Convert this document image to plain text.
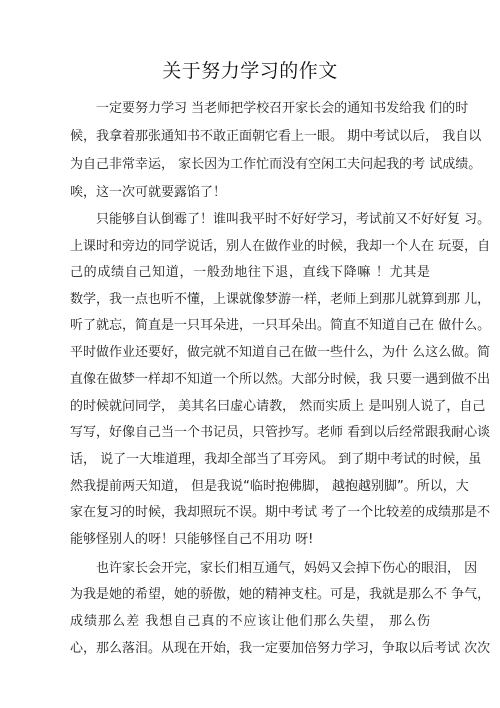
关于努力学习的作文
一定要努力学习 当老师把学校召开家长会的通知书发给我 们的时
候，我拿着那张通知书不敢正面朝它看上一眼。 期中考试以后， 我自以
为自己非常幸运， 家长因为工作忙而没有空闲工夫问起我的考 试成绩。
唉，这一次可就要露馅了！
只能够自认倒霉了！谁叫我平时不好好学习，考试前又不好好复 习。
上课时和旁边的同学说话，别人在做作业的时候，我却一个人在 玩耍，自
己的成绩自己知道，一般劲地往下退，直线下降嘛 ！尤其是
数学，我一点也听不懂，上课就像梦游一样，老师上到那儿就算到那 儿，
听了就忘，简直是一只耳朵进，一只耳朵出。简直不知道自己在 做什么。
平时做作业还要好，做完就不知道自己在做一些什么，为什 么这么做。简
直像在做梦一样却不知道一个所以然。大部分时候，我 只要一遇到做不出
的时候就问同学， 美其名曰虚心请教， 然而实质上 是叫别人说了，自己
写写，好像自己当一个书记员，只管抄写。老师 看到以后经常跟我耐心谈
话， 说了一大堆道理，我却全部当了耳旁风。 到了期中考试的时候，虽
然我提前两天知道， 但是我说“临时抱佛脚， 越抱越别脚”。所以，大
家在复习的时候，我却照玩不误。期中考试 考了一个比较差的成绩那是不
能够怪别人的呀！只能够怪自己不用功 呀!
也许家长会开完，家长们相互通气，妈妈又会掉下伤心的眼泪， 因
为我是她的希望，她的骄傲，她的精神支柱。可是，我就是那么不 争气，
成绩那么差 我想自己真的不应该让他们那么失望， 那么伤
心，那么落泪。从现在开始，我一定要加倍努力学习，争取以后考试 次次
